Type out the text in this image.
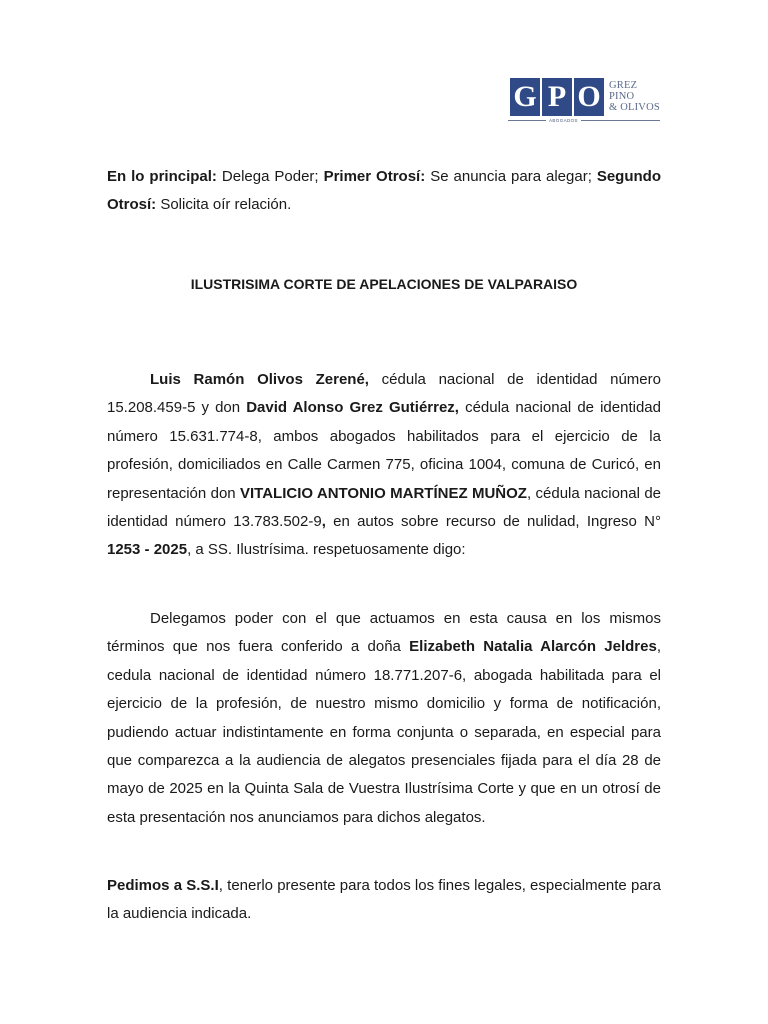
G P O GREZ
PINO
& OLIVOS
ABOGADOS

En lo principal: Delega Poder; Primer Otrosí: Se anuncia para alegar; Segundo Otrosí: Solicita oír relación.

ILUSTRISIMA CORTE DE APELACIONES DE VALPARAISO

Luis Ramón Olivos Zerené, cédula nacional de identidad número 15.208.459-5 y don David Alonso Grez Gutiérrez, cédula nacional de identidad número 15.631.774-8, ambos abogados habilitados para el ejercicio de la profesión, domiciliados en Calle Carmen 775, oficina 1004, comuna de Curicó, en representación don VITALICIO ANTONIO MARTÍNEZ MUÑOZ, cédula nacional de identidad número 13.783.502-9, en autos sobre recurso de nulidad, Ingreso N° 1253 - 2025, a SS. Ilustrísima. respetuosamente digo:

Delegamos poder con el que actuamos en esta causa en los mismos términos que nos fuera conferido a doña Elizabeth Natalia Alarcón Jeldres, cedula nacional de identidad número 18.771.207-6, abogada habilitada para el ejercicio de la profesión, de nuestro mismo domicilio y forma de notificación, pudiendo actuar indistintamente en forma conjunta o separada, en especial para que comparezca a la audiencia de alegatos presenciales fijada para el día 28 de mayo de 2025 en la Quinta Sala de Vuestra Ilustrísima Corte y que en un otrosí de esta presentación nos anunciamos para dichos alegatos.

Pedimos a S.S.I, tenerlo presente para todos los fines legales, especialmente para la audiencia indicada.
